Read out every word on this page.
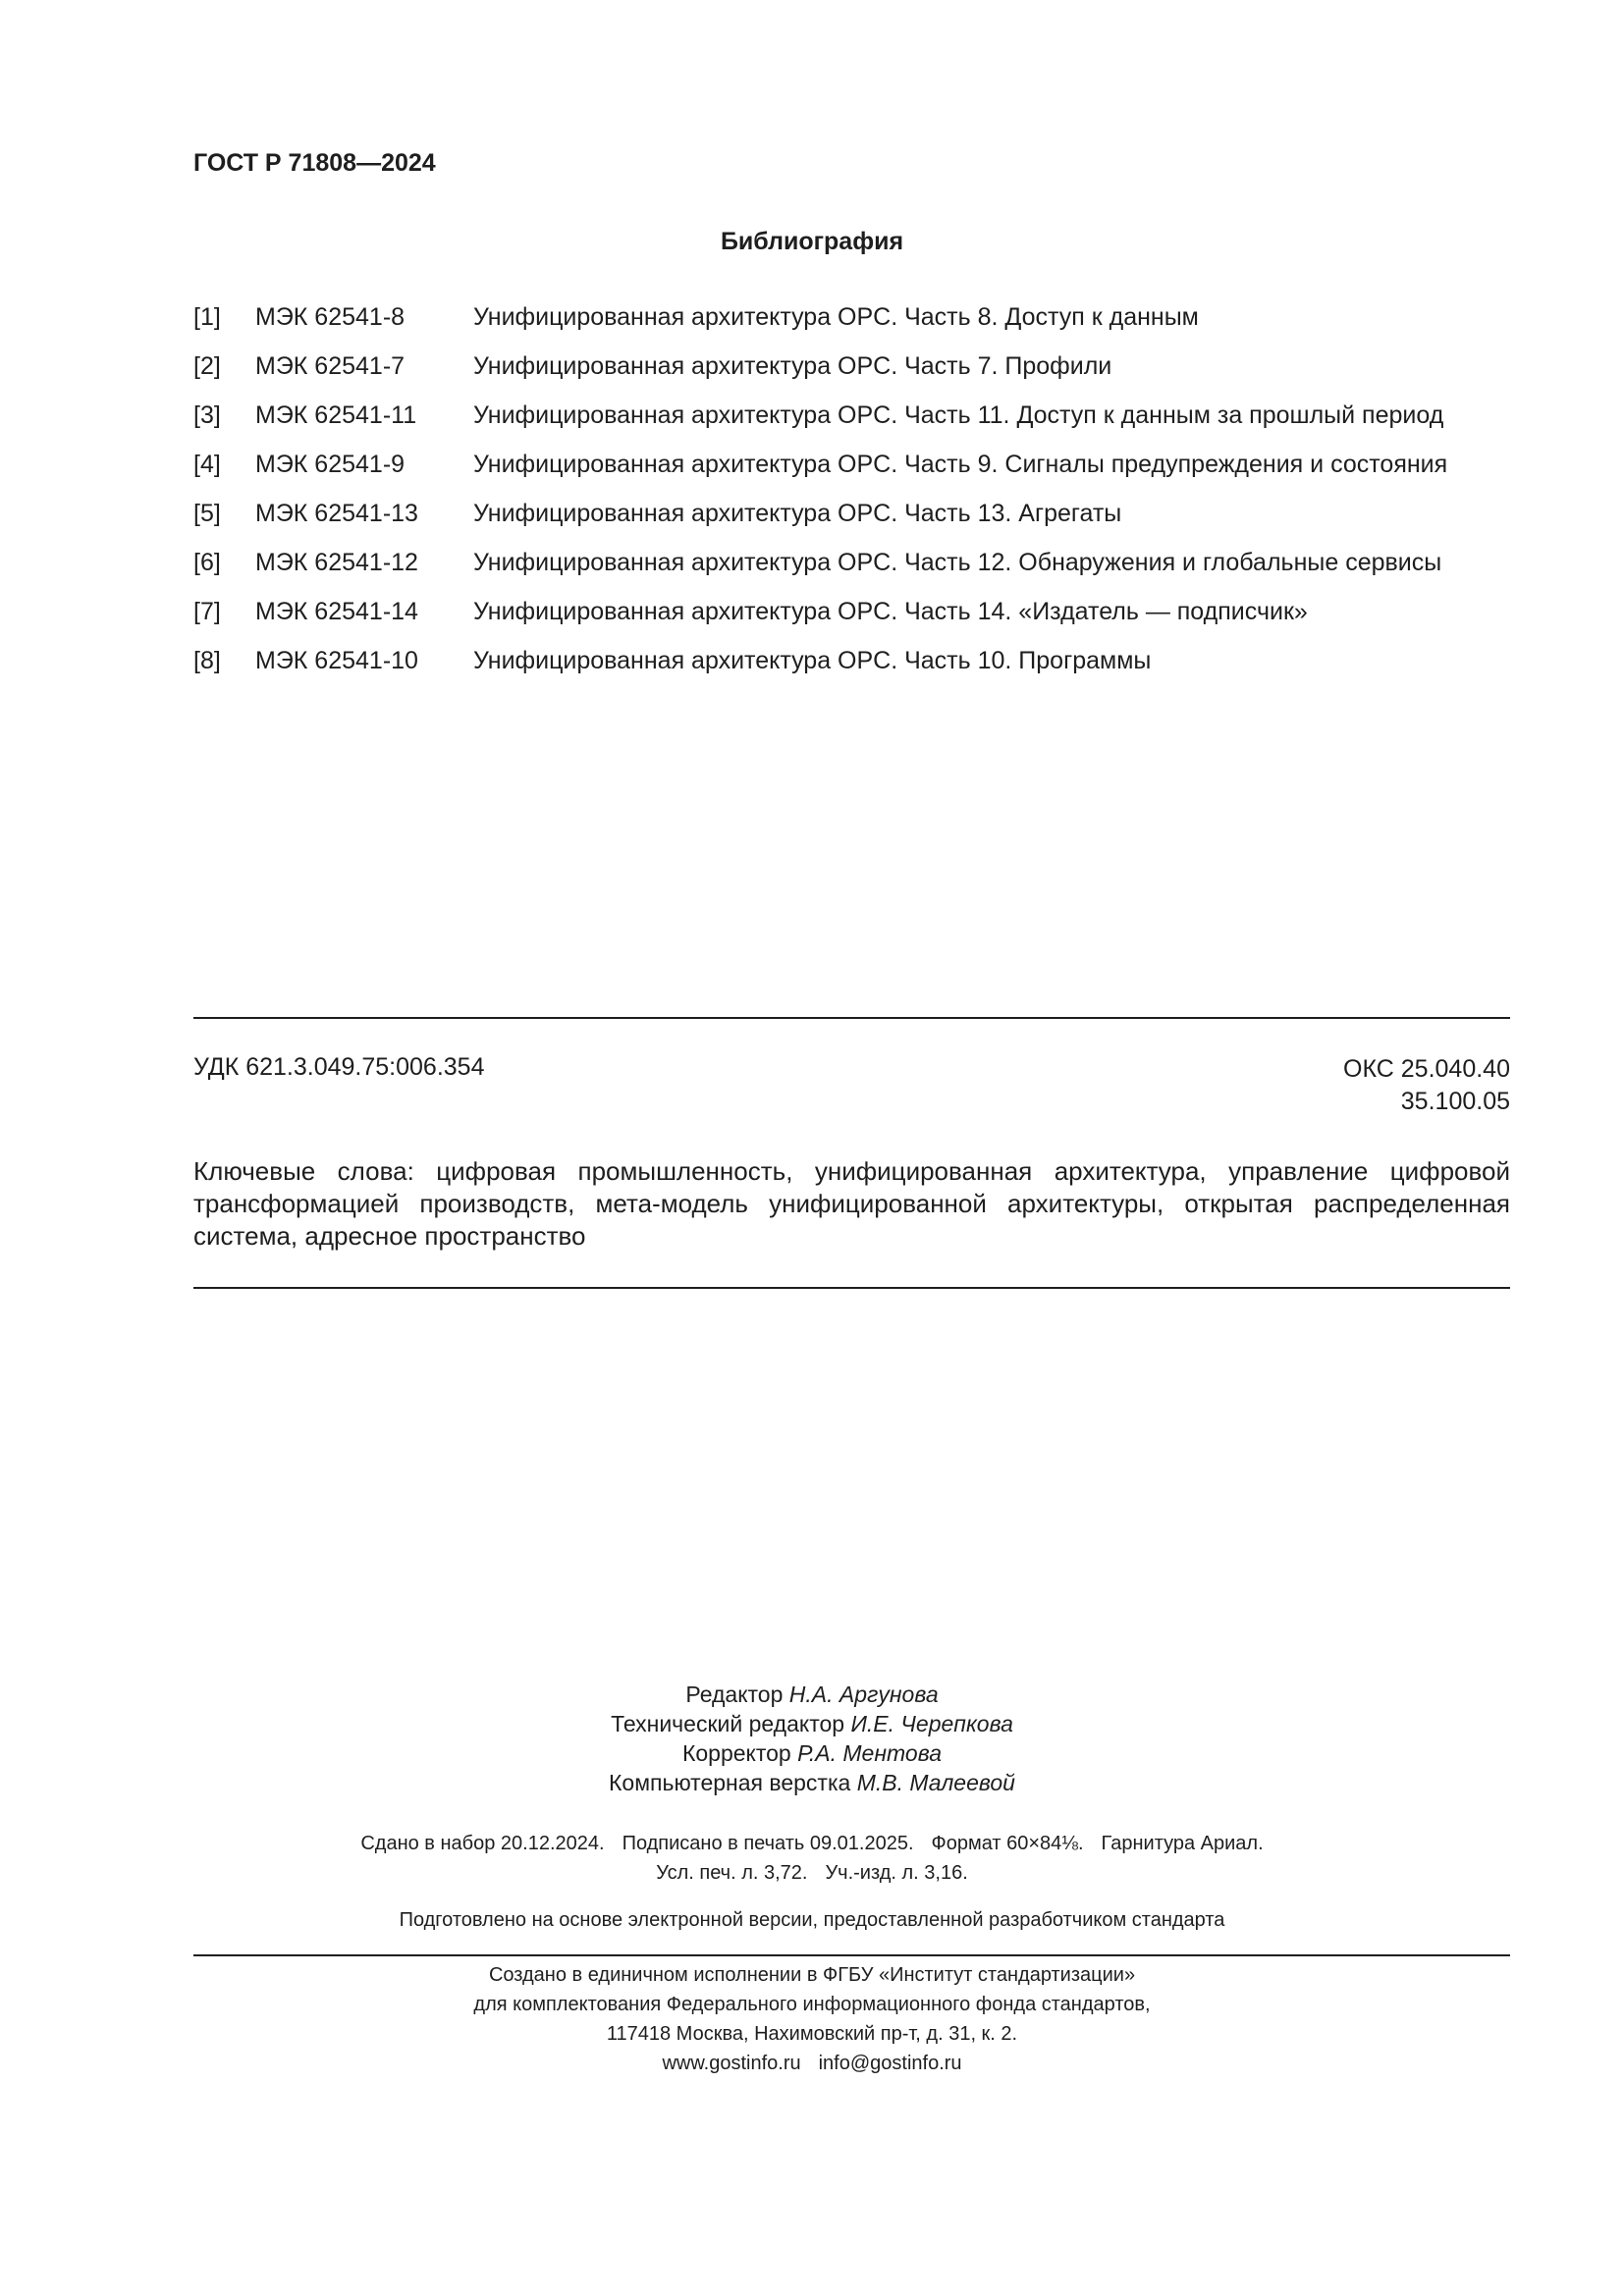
ГОСТ Р 71808—2024
Библиография
[1] МЭК 62541-8	Унифицированная архитектура OPC. Часть 8. Доступ к данным
[2] МЭК 62541-7	Унифицированная архитектура OPC. Часть 7. Профили
[3] МЭК 62541-11 Унифицированная архитектура OPC. Часть 11. Доступ к данным за прошлый период
[4] МЭК 62541-9	Унифицированная архитектура OPC. Часть 9. Сигналы предупреждения и состояния
[5] МЭК 62541-13 Унифицированная архитектура OPC. Часть 13. Агрегаты
[6] МЭК 62541-12 Унифицированная архитектура OPC. Часть 12. Обнаружения и глобальные сервисы
[7] МЭК 62541-14 Унифицированная архитектура OPC. Часть 14. «Издатель — подписчик»
[8] МЭК 62541-10 Унифицированная архитектура OPC. Часть 10. Программы
УДК 621.3.049.75:006.354	ОКС 25.040.40
35.100.05
Ключевые слова: цифровая промышленность, унифицированная архитектура, управление цифровой трансформацией производств, мета-модель унифицированной архитектуры, открытая распределенная система, адресное пространство
Редактор Н.А. Аргунова
Технический редактор И.Е. Черепкова
Корректор Р.А. Ментова
Компьютерная верстка М.В. Малеевой
Сдано в набор 20.12.2024. Подписано в печать 09.01.2025. Формат 60×84⅛. Гарнитура Ариал.
Усл. печ. л. 3,72. Уч.-изд. л. 3,16.
Подготовлено на основе электронной версии, предоставленной разработчиком стандарта
Создано в единичном исполнении в ФГБУ «Институт стандартизации»
для комплектования Федерального информационного фонда стандартов,
117418 Москва, Нахимовский пр-т, д. 31, к. 2.
www.gostinfo.ru info@gostinfo.ru
